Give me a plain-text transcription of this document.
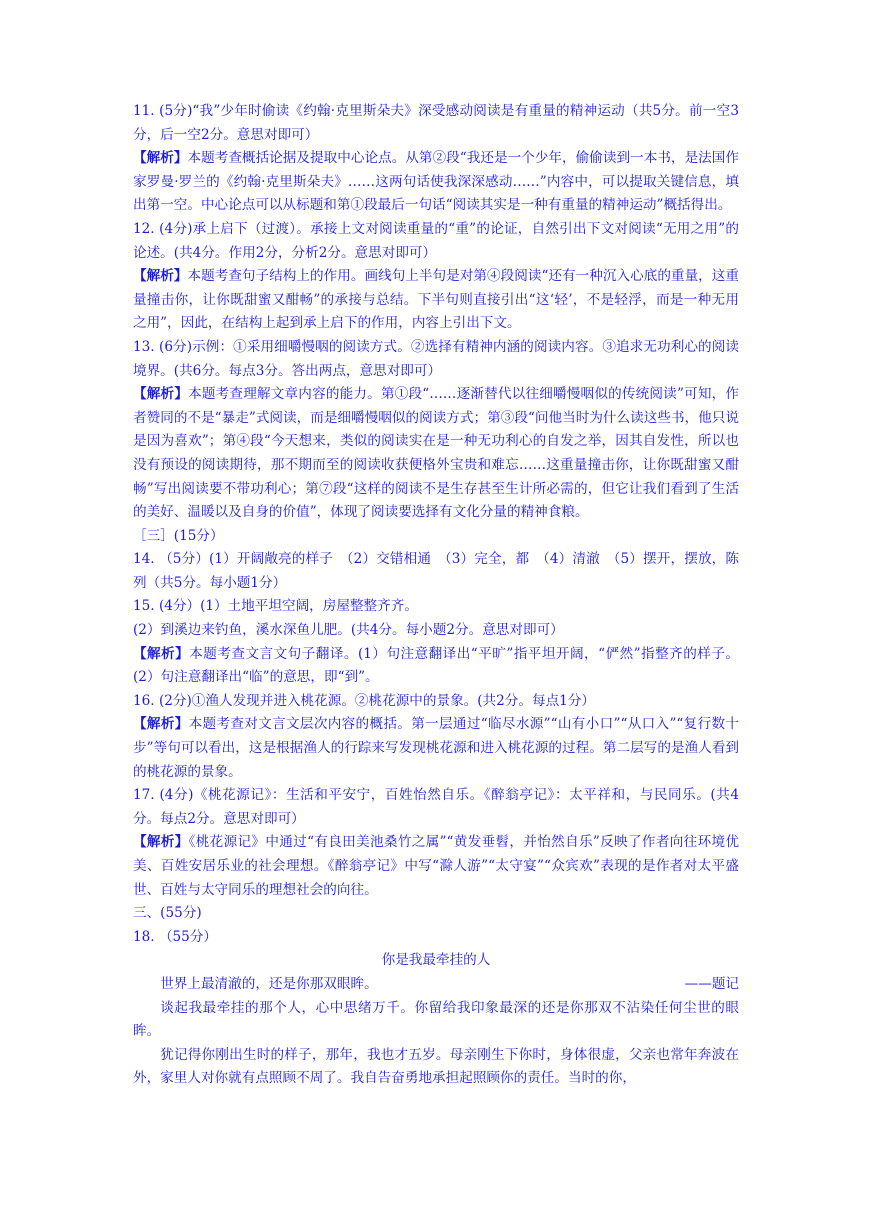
11. (5分)“我”少年时偷读《约翰·克里斯朵夫》深受感动阅读是有重量的精神运动（共5分。前一空3分，后一空2分。意思对即可）

【解析】本题考查概括论据及提取中心论点。从第②段“我还是一个少年，偷偷读到一本书，是法国作家罗曼·罗兰的《约翰·克里斯朵夫》……这两句话使我深深感动……”内容中，可以提取关键信息，填出第一空。中心论点可以从标题和第①段最后一句话“阅读其实是一种有重量的精神运动”概括得出。

12. (4分)承上启下（过渡）。承接上文对阅读重量的“重”的论证，自然引出下文对阅读“无用之用”的论述。(共4分。作用2分，分析2分。意思对即可）

【解析】本题考查句子结构上的作用。画线句上半句是对第④段阅读“还有一种沉入心底的重量，这重量撞击你，让你既甜蜜又酣畅”的承接与总结。下半句则直接引出“这‘轻’，不是轻浮，而是一种无用之用”，因此，在结构上起到承上启下的作用，内容上引出下文。

13. (6分)示例：①采用细嚼慢咽的阅读方式。②选择有精神内涵的阅读内容。③追求无功利心的阅读境界。(共6分。每点3分。答出两点，意思对即可）

【解析】本题考查理解文章内容的能力。第①段“……逐渐替代以往细嚼慢咽似的传统阅读”可知，作者赞同的不是“暴走”式阅读，而是细嚼慢咽似的阅读方式；第③段“问他当时为什么读这些书，他只说是因为喜欢”；第④段“今天想来，类似的阅读实在是一种无功利心的自发之举，因其自发性，所以也没有预设的阅读期待，那不期而至的阅读收获便格外宝贵和难忘……这重量撞击你，让你既甜蜜又酣畅”写出阅读要不带功利心；第⑦段“这样的阅读不是生存甚至生计所必需的，但它让我们看到了生活的美好、温暖以及自身的价值”，体现了阅读要选择有文化分量的精神食粮。

［三］(15分）

14. （5分）(1）开阔敞亮的样子　（2）交错相通　（3）完全，都　（4）清澈　（5）摆开，摆放，陈列（共5分。每小题1分）

15. (4分）(1）土地平坦空阔，房屋整整齐齐。

(2）到溪边来钓鱼，溪水深鱼儿肥。(共4分。每小题2分。意思对即可）

【解析】本题考查文言文句子翻译。(1）句注意翻译出“平旷”指平坦开阔，“俨然”指整齐的样子。(2）句注意翻译出“临”的意思，即“到”。

16. (2分)①渔人发现并进入桃花源。②桃花源中的景象。(共2分。每点1分）

【解析】本题考查对文言文层次内容的概括。第一层通过“临尽水源”“山有小口”“从口入”“复行数十步”等句可以看出，这是根据渔人的行踪来写发现桃花源和进入桃花源的过程。第二层写的是渔人看到的桃花源的景象。

17. (4分)《桃花源记》：生活和平安宁，百姓怡然自乐。《醉翁亭记》：太平祥和，与民同乐。(共4分。每点2分。意思对即可）

【解析】《桃花源记》中通过“有良田美池桑竹之属”“黄发垂髫，并怡然自乐”反映了作者向往环境优美、百姓安居乐业的社会理想。《醉翁亭记》中写“滁人游”“太守宴”“众宾欢”表现的是作者对太平盛世、百姓与太守同乐的理想社会的向往。

三、(55分)

18. （55分）

你是我最牵挂的人

世界上最清澈的，还是你那双眼眸。	——题记

谈起我最牵挂的那个人，心中思绪万千。你留给我印象最深的还是你那双不沾染任何尘世的眼眸。

犹记得你刚出生时的样子，那年，我也才五岁。母亲刚生下你时，身体很虚，父亲也常年奔波在外，家里人对你就有点照顾不周了。我自告奋勇地承担起照顾你的责任。当时的你，
